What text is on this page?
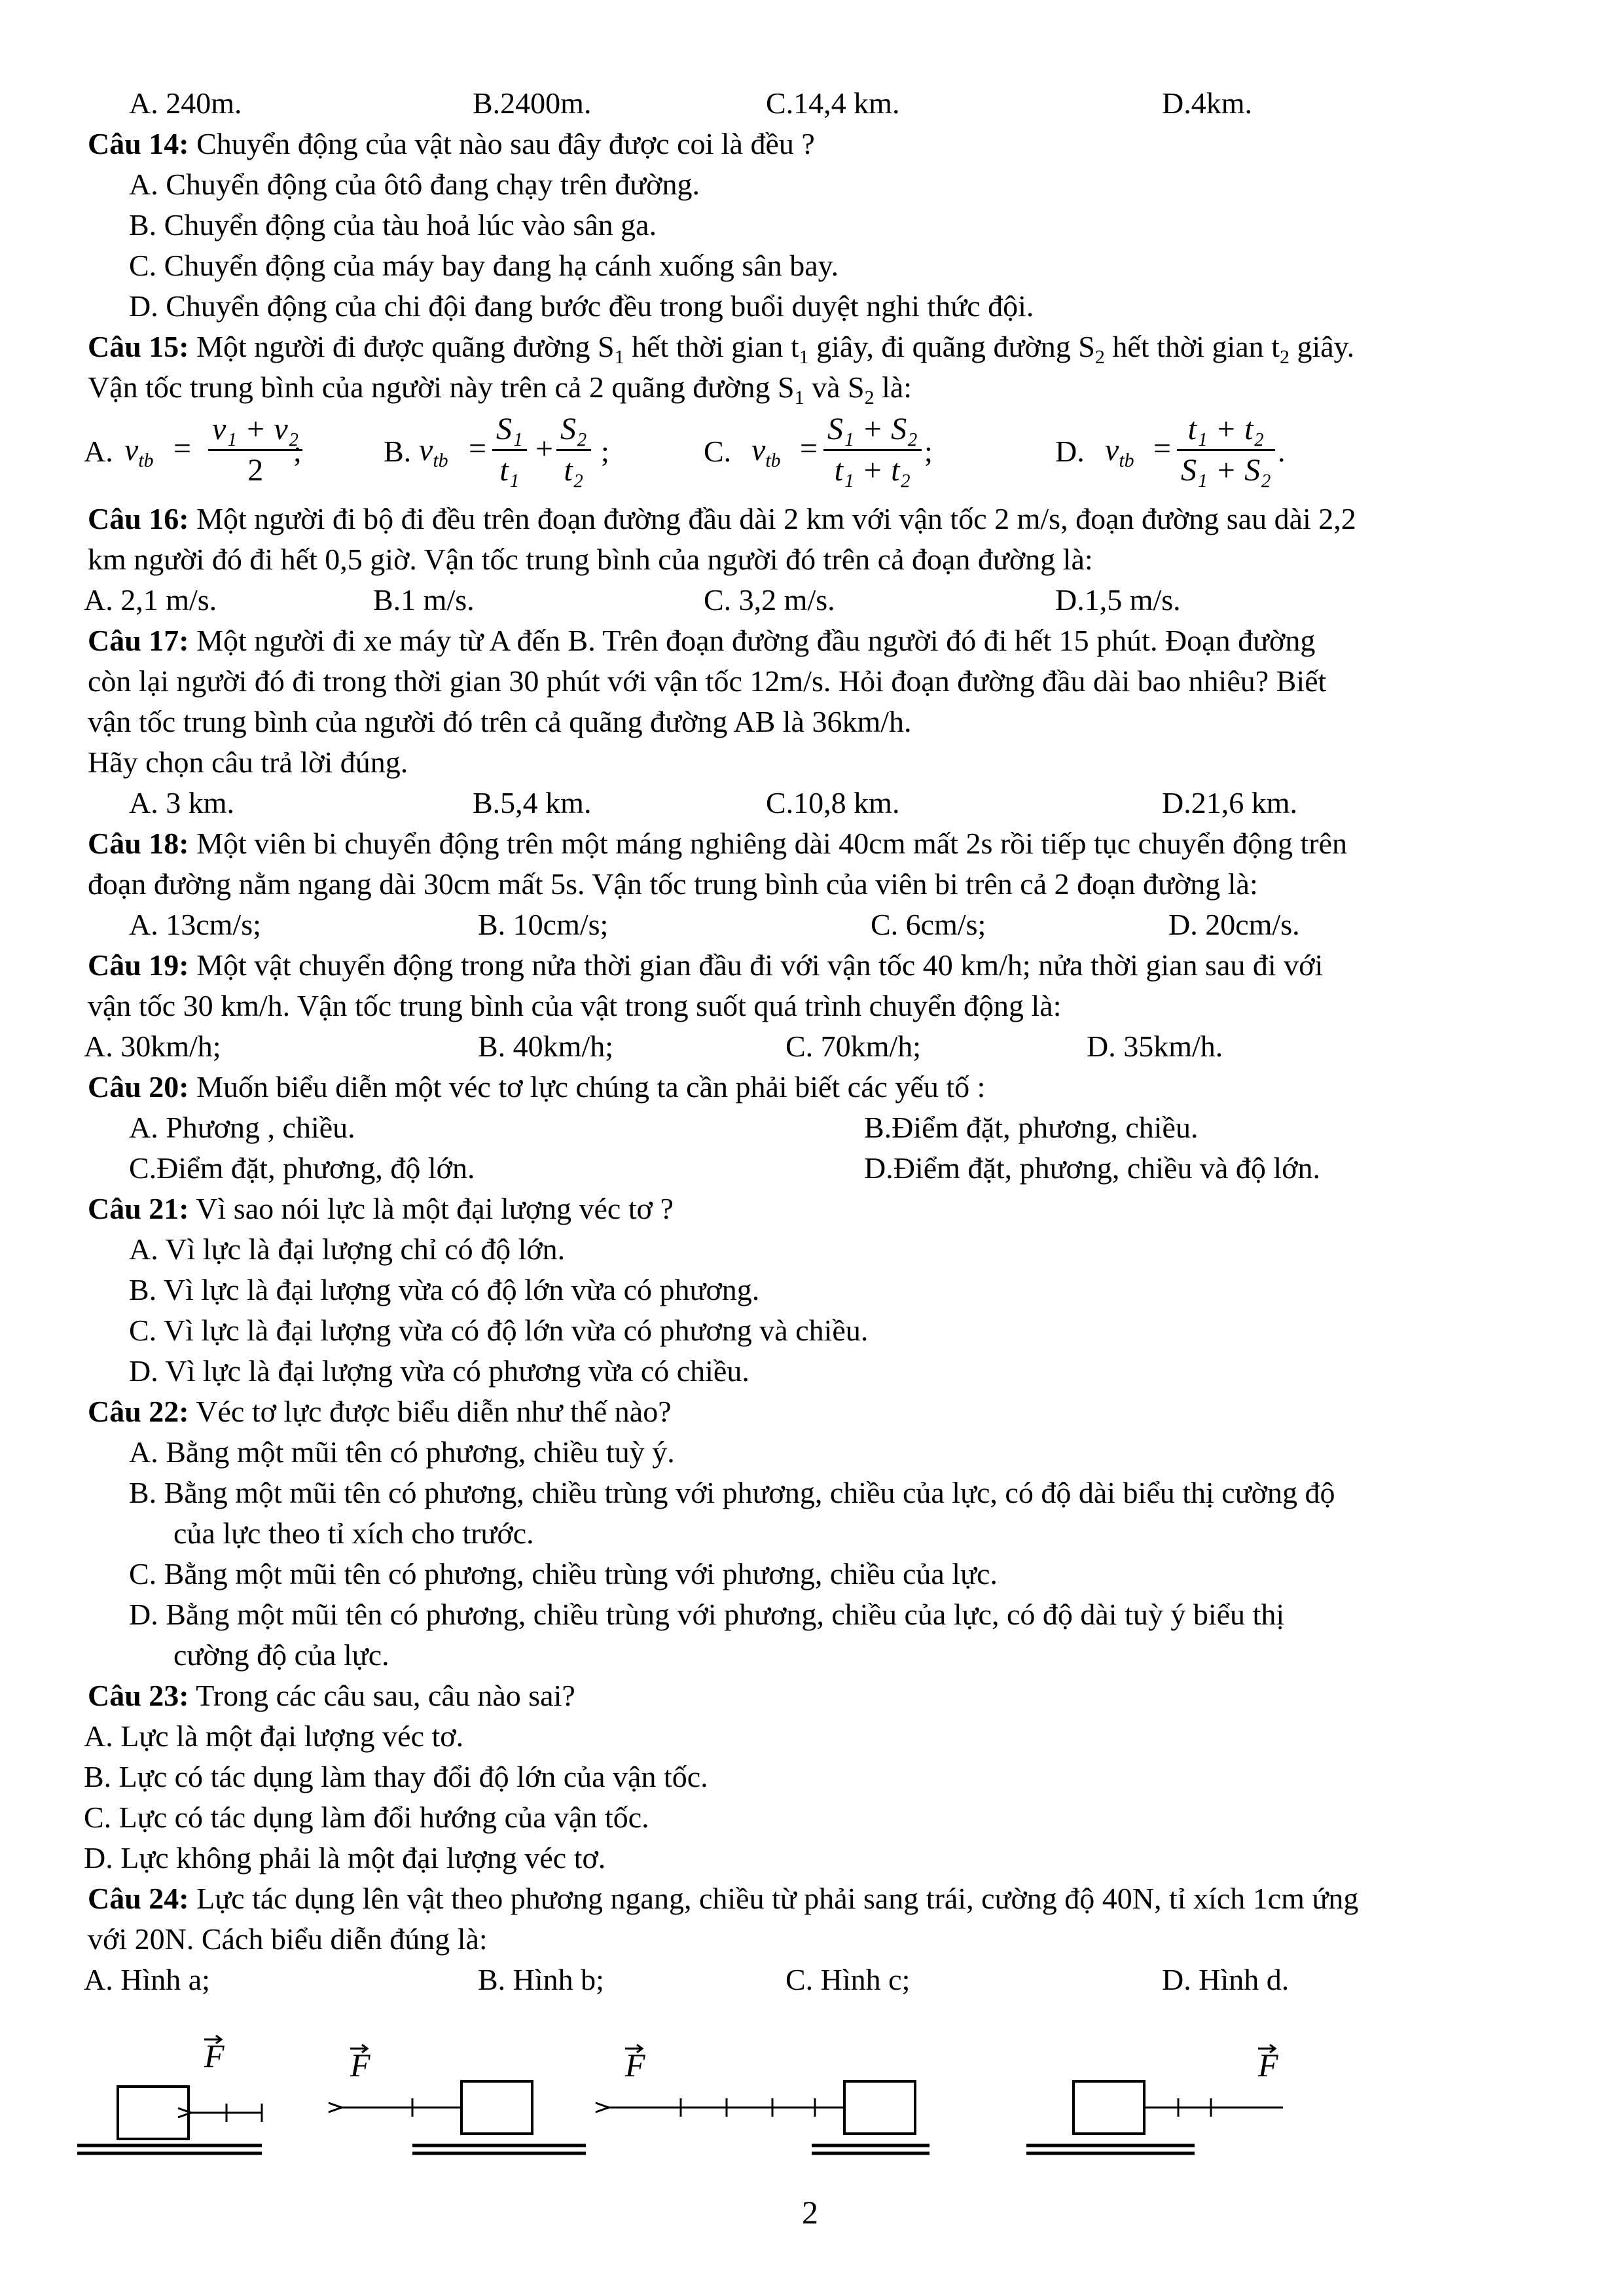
A. 240m.	B.2400m.	C.14,4 km.	D.4km.
Câu 14: Chuyển động của vật nào sau đây được coi là đều ?
A. Chuyển động của ôtô đang chạy trên đường.
B. Chuyển động của tàu hoả lúc vào sân ga.
C. Chuyển động của máy bay đang hạ cánh xuống sân bay.
D. Chuyển động của chi đội đang bước đều trong buổi duyệt nghi thức đội.
Câu 15: Một người đi được quãng đường $S_1$ hết thời gian $t_1$ giây, đi quãng đường $S_2$ hết thời gian $t_2$ giây.
Vận tốc trung bình của người này trên cả 2 quãng đường $S_1$ và $S_2$ là:
A. $v_{tb}$ =
v₁ + v₂
2
;	B. $v_{tb}$ =
S₁
t₁
+
S₂
t₂
;	C. $v_{tb}$ =
S₁ + S₂
t₁ + t₂
;	D. $v_{tb}$ =
t₁ + t₂
S₁ + S₂
.
Câu 16: Một người đi bộ đi đều trên đoạn đường đầu dài 2 km với vận tốc 2 m/s, đoạn đường sau dài 2,2
km người đó đi hết 0,5 giờ. Vận tốc trung bình của người đó trên cả đoạn đường là:
A. 2,1 m/s.	B.1 m/s.	C. 3,2 m/s.	D.1,5 m/s.
Câu 17: Một người đi xe máy từ A đến B. Trên đoạn đường đầu người đó đi hết 15 phút. Đoạn đường
còn lại người đó đi trong thời gian 30 phút với vận tốc 12m/s. Hỏi đoạn đường đầu dài bao nhiêu? Biết
vận tốc trung bình của người đó trên cả quãng đường AB là 36km/h.
Hãy chọn câu trả lời đúng.
A. 3 km.	B.5,4 km.	C.10,8 km.	D.21,6 km.
Câu 18: Một viên bi chuyển động trên một máng nghiêng dài 40cm mất 2s rồi tiếp tục chuyển động trên
đoạn đường nằm ngang dài 30cm mất 5s. Vận tốc trung bình của viên bi trên cả 2 đoạn đường là:
A. 13cm/s;	B. 10cm/s;	C. 6cm/s;	D. 20cm/s.
Câu 19: Một vật chuyển động trong nửa thời gian đầu đi với vận tốc 40 km/h; nửa thời gian sau đi với
vận tốc 30 km/h. Vận tốc trung bình của vật trong suốt quá trình chuyển động là:
A. 30km/h;	B. 40km/h;	C. 70km/h;	D. 35km/h.
Câu 20: Muốn biểu diễn một véc tơ lực chúng ta cần phải biết các yếu tố :
A. Phương , chiều.	B.Điểm đặt, phương, chiều.
C.Điểm đặt, phương, độ lớn.	D.Điểm đặt, phương, chiều và độ lớn.
Câu 21: Vì sao nói lực là một đại lượng véc tơ ?
A. Vì lực là đại lượng chỉ có độ lớn.
B. Vì lực là đại lượng vừa có độ lớn vừa có phương.
C. Vì lực là đại lượng vừa có độ lớn vừa có phương và chiều.
D. Vì lực là đại lượng vừa có phương vừa có chiều.
Câu 22: Véc tơ lực được biểu diễn như thế nào?
A. Bằng một mũi tên có phương, chiều tuỳ ý.
B. Bằng một mũi tên có phương, chiều trùng với phương, chiều của lực, có độ dài biểu thị cường độ
của lực theo tỉ xích cho trước.
C. Bằng một mũi tên có phương, chiều trùng với phương, chiều của lực.
D. Bằng một mũi tên có phương, chiều trùng với phương, chiều của lực, có độ dài tuỳ ý biểu thị
cường độ của lực.
Câu 23: Trong các câu sau, câu nào sai?
A. Lực là một đại lượng véc tơ.
B. Lực có tác dụng làm thay đổi độ lớn của vận tốc.
C. Lực có tác dụng làm đổi hướng của vận tốc.
D. Lực không phải là một đại lượng véc tơ.
Câu 24: Lực tác dụng lên vật theo phương ngang, chiều từ phải sang trái, cường độ 40N, tỉ xích 1cm ứng
với 20N. Cách biểu diễn đúng là:
A. Hình a;	B. Hình b;	C. Hình c;	D. Hình d.
F	F	F	F
2
